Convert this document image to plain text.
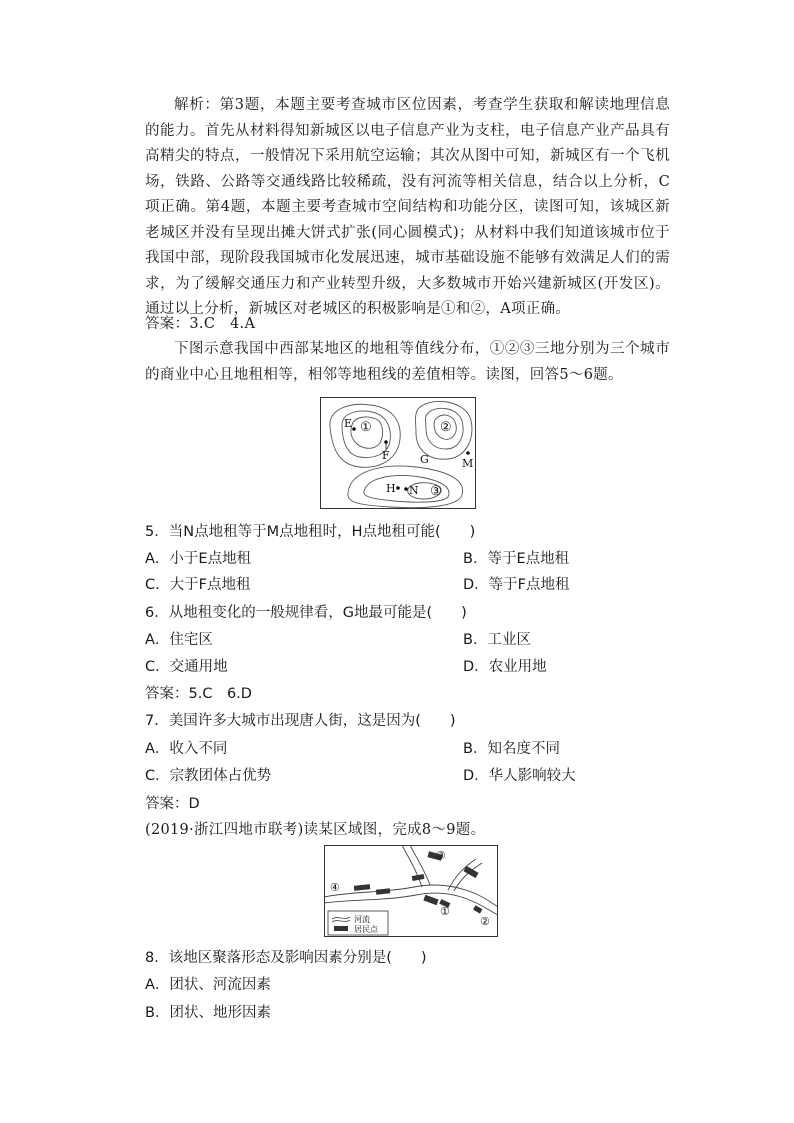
解析：第3题，本题主要考查城市区位因素，考查学生获取和解读地理信息的能力。首先从材料得知新城区以电子信息产业为支柱，电子信息产业产品具有高精尖的特点，一般情况下采用航空运输；其次从图中可知，新城区有一个飞机场，铁路、公路等交通线路比较稀疏，没有河流等相关信息，结合以上分析，C项正确。第4题，本题主要考查城市空间结构和功能分区，读图可知，该城区新老城区并没有呈现出摊大饼式扩张(同心圆模式)；从材料中我们知道该城市位于我国中部，现阶段我国城市化发展迅速，城市基础设施不能够有效满足人们的需求，为了缓解交通压力和产业转型升级，大多数城市开始兴建新城区(开发区)。通过以上分析，新城区对老城区的积极影响是①和②，A项正确。
答案：3.C　4.A
下图示意我国中西部某地区的地租等值线分布，①②③三地分别为三个城市的商业中心且地租相等，相邻等地租线的差值相等。读图，回答5～6题。
E ①
F
②
M
G
H N ③
5．当N点地租等于M点地租时，H点地租可能(　　)
A．小于E点地租	B．等于E点地租
C．大于F点地租	D．等于F点地租
6．从地租变化的一般规律看，G地最可能是(　　)
A．住宅区	B．工业区
C．交通用地	D．农业用地
答案：5.C　6.D
7．美国许多大城市出现唐人街，这是因为(　　)
A．收入不同	B．知名度不同
C．宗教团体占优势	D．华人影响较大
答案：D
(2019·浙江四地市联考)读某区域图，完成8～9题。
③
④
①
②
河流
居民点
8．该地区聚落形态及影响因素分别是(　　)
A．团状、河流因素
B．团状、地形因素
